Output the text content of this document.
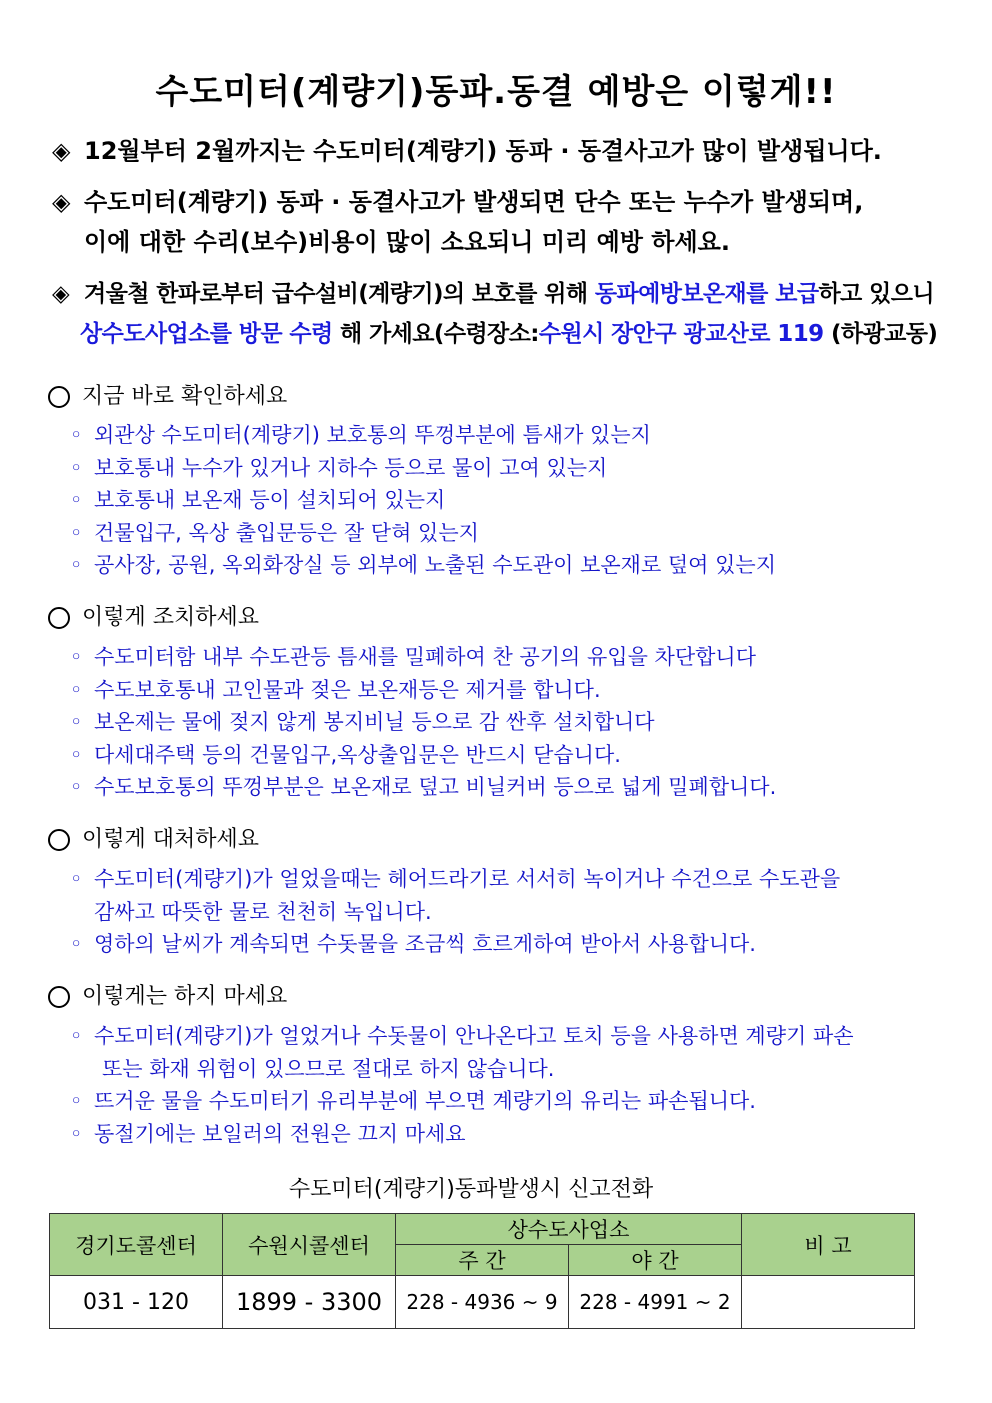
수도미터(계량기)동파.동결 예방은 이렇게!!
◈ 12월부터 2월까지는 수도미터(계량기) 동파 · 동결사고가 많이 발생됩니다.
◈ 수도미터(계량기) 동파 · 동결사고가 발생되면 단수 또는 누수가 발생되며,
이에 대한 수리(보수)비용이 많이 소요되니 미리 예방 하세요.
◈ 겨울철 한파로부터 급수설비(계량기)의 보호를 위해 동파예방보온재를 보급하고 있으니
상수도사업소를 방문 수령 해 가세요(수령장소:수원시 장안구 광교산로 119 (하광교동)
지금 바로 확인하세요
◦ 외관상 수도미터(계량기) 보호통의 뚜껑부분에 틈새가 있는지
◦ 보호통내 누수가 있거나 지하수 등으로 물이 고여 있는지
◦ 보호통내 보온재 등이 설치되어 있는지
◦ 건물입구, 옥상 출입문등은 잘 닫혀 있는지
◦ 공사장, 공원, 옥외화장실 등 외부에 노출된 수도관이 보온재로 덮여 있는지
이렇게 조치하세요
◦ 수도미터함 내부 수도관등 틈새를 밀폐하여 찬 공기의 유입을 차단합니다
◦ 수도보호통내 고인물과 젖은 보온재등은 제거를 합니다.
◦ 보온제는 물에 젖지 않게 봉지비닐 등으로 감 싼후 설치합니다
◦ 다세대주택 등의 건물입구,옥상출입문은 반드시 닫습니다.
◦ 수도보호통의 뚜껑부분은 보온재로 덮고 비닐커버 등으로 넓게 밀폐합니다.
이렇게 대처하세요
◦ 수도미터(계량기)가 얼었을때는 헤어드라기로 서서히 녹이거나 수건으로 수도관을
감싸고 따뜻한 물로 천천히 녹입니다.
◦ 영하의 날씨가 계속되면 수돗물을 조금씩 흐르게하여 받아서 사용합니다.
이렇게는 하지 마세요
◦ 수도미터(계량기)가 얼었거나 수돗물이 안나온다고 토치 등을 사용하면 계량기 파손
또는 화재 위험이 있으므로 절대로 하지 않습니다.
◦ 뜨거운 물을 수도미터기 유리부분에 부으면 계량기의 유리는 파손됩니다.
◦ 동절기에는 보일러의 전원은 끄지 마세요
수도미터(계량기)동파발생시 신고전화
경기도콜센터	수원시콜센터	상수도사업소		비 고
		주 간	야 간	
031 - 120	1899 - 3300	228 - 4936 ~ 9	228 - 4991 ~ 2	
